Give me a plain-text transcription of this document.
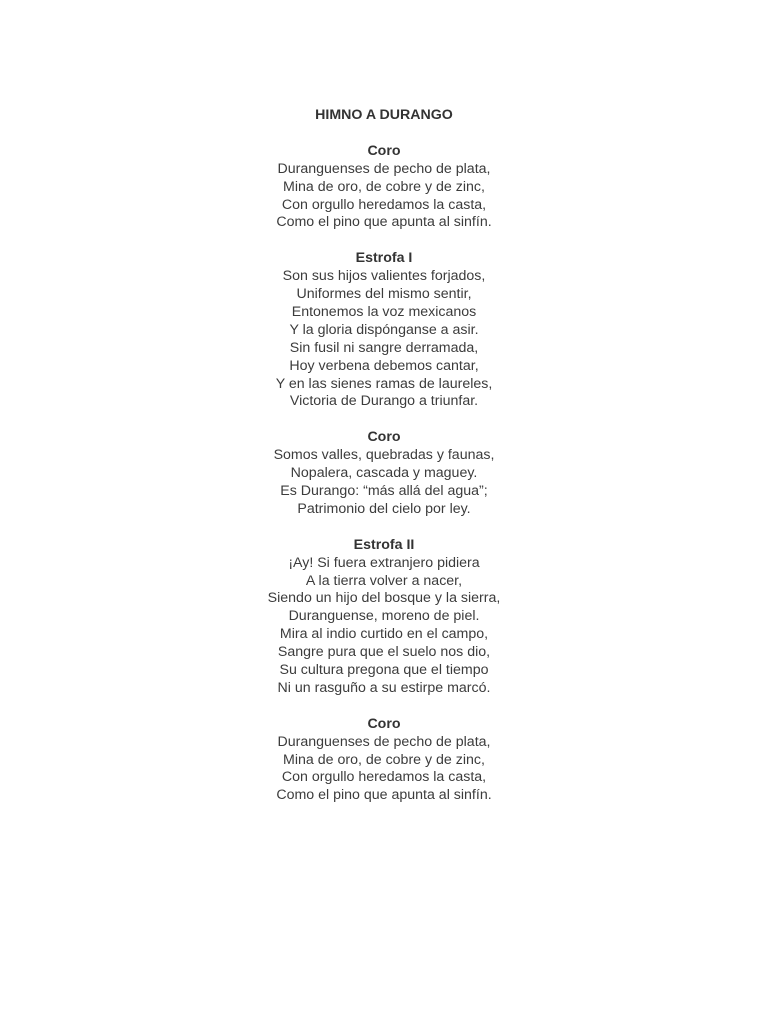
HIMNO A DURANGO
Coro
Duranguenses de pecho de plata,
Mina de oro, de cobre y de zinc,
Con orgullo heredamos la casta,
Como el pino que apunta al sinfín.
Estrofa I
Son sus hijos valientes forjados,
Uniformes del mismo sentir,
Entonemos la voz mexicanos
Y la gloria dispónganse a asir.
Sin fusil ni sangre derramada,
Hoy verbena debemos cantar,
Y en las sienes ramas de laureles,
Victoria de Durango a triunfar.
Coro
Somos valles, quebradas y faunas,
Nopalera, cascada y maguey.
Es Durango: “más allá del agua”;
Patrimonio del cielo por ley.
Estrofa II
¡Ay! Si fuera extranjero pidiera
A la tierra volver a nacer,
Siendo un hijo del bosque y la sierra,
Duranguense, moreno de piel.
Mira al indio curtido en el campo,
Sangre pura que el suelo nos dio,
Su cultura pregona que el tiempo
Ni un rasguño a su estirpe marcó.
Coro
Duranguenses de pecho de plata,
Mina de oro, de cobre y de zinc,
Con orgullo heredamos la casta,
Como el pino que apunta al sinfín.
